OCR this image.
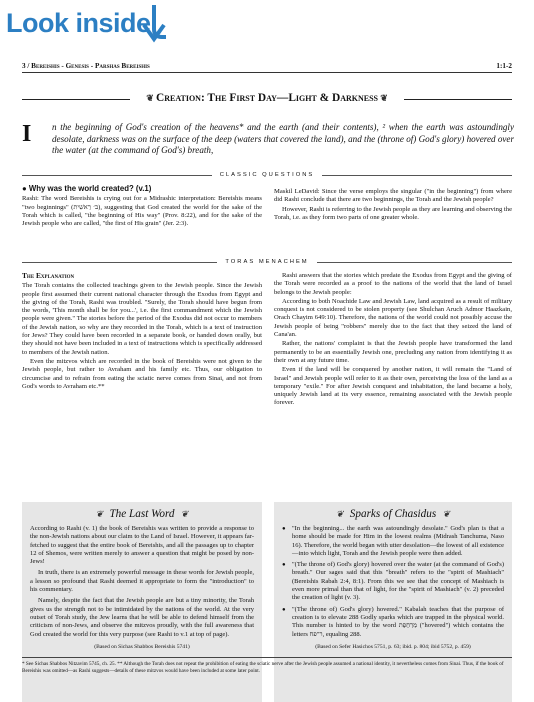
Look inside
3 / Bereishis - Genesis - Parshas Bereishis	1:1-2
❦ Creation: The First Day—Light & Darkness ❦
I n the beginning of God's creation of the heavens* and the earth (and their contents), ² when the earth was astoundingly desolate, darkness was on the surface of the deep (waters that covered the land), and the (throne of) God's glory) hovered over the water (at the command of God's) breath,
CLASSIC QUESTIONS
● Why was the world created? (v.1)

Rashi: The word Bereishis is crying out for a Midrashic interpretation: Bereishis means "two beginnings" (ב׳ רֵאשִׁית), suggesting that God created the world for the sake of the Torah which is called, "the beginning of His way" (Prov. 8:22), and for the sake of the Jewish people who are called, "the first of His grain" (Jer. 2:3).

Maskil LeDavid: Since the verse employs the singular ("in the beginning") from where did Rashi conclude that there are two beginnings, the Torah and the Jewish people?

However, Rashi is referring to the Jewish people as they are learning and observing the Torah, i.e. as they form two parts of one greater whole.

TORAS MENACHEM
The Explanation

The Torah contains the collected teachings given to the Jewish people. Since the Jewish people first assumed their current national character through the Exodus from Egypt and the giving of the Torah, Rashi was troubled. "Surely, the Torah should have begun from the words, 'This month shall be for you...', i.e. the first commandment which the Jewish people were given." The stories before the period of the Exodus did not occur to members of the Jewish nation, so why are they recorded in the Torah, which is a text of instruction for Jews? They could have been recorded in a separate book, or handed down orally, but they should not have been included in a text of instructions which is specifically addressed to members of the Jewish nation.

Even the mitzvos which are recorded in the book of Bereishis were not given to the Jewish people, but rather to Avraham and his family etc. Thus, our obligation to circumcise and to refrain from eating the sciatic nerve comes from Sinai, and not from God's words to Avraham etc.**

Rashi answers that the stories which predate the Exodus from Egypt and the giving of the Torah were recorded as a proof to the nations of the world that the land of Israel belongs to the Jewish people:

According to both Noachide Law and Jewish Law, land acquired as a result of military conquest is not considered to be stolen property (see Shulchan Aruch Admor Haazkain, Orach Chayim 649:10). Therefore, the nations of the world could not possibly accuse the Jewish people of being "robbers" merely due to the fact that they seized the land of Cana'an.

Rather, the nations' complaint is that the Jewish people have transformed the land permanently to be an essentially Jewish one, precluding any nation from identifying it as their own at any future time.

Even if the land will be conquered by another nation, it will remain the "Land of Israel" and Jewish people will refer to it as their own, perceiving the loss of the land as a temporary "exile." For after Jewish conquest and inhabitation, the land became a holy, uniquely Jewish land at its very essence, remaining associated with the Jewish people forever.

❦ The Last Word ❦

According to Rashi (v. 1) the book of Bereishis was written to provide a response to the non-Jewish nations about our claim to the Land of Israel. However, it appears far-fetched to suggest that the entire book of Bereishis, and all the passages up to chapter 12 of Shemos, were written merely to answer a question that might be posed by non-Jews!

In truth, there is an extremely powerful message in these words for Jewish people, a lesson so profound that Rashi deemed it appropriate to form the "introduction" to his commentary.

Namely, despite the fact that the Jewish people are but a tiny minority, the Torah gives us the strength not to be intimidated by the nations of the world. At the very outset of Torah study, the Jew learns that he will be able to defend himself from the criticism of non-Jews, and observe the mitzvos proudly, with the full awareness that God created the world for this very purpose (see Rashi to v.1 at top of page).

(Based on Sichas Shabbos Bereishis 5741)
❦ Sparks of Chasidus ❦
● "In the beginning... the earth was astoundingly desolate." God's plan is that a home should be made for Him in the lowest realms (Midrash Tanchuma, Naso 16). Therefore, the world began with utter desolation—the lowest of all existence—into which light, Torah and the Jewish people were then added.
● "(The throne of) God's glory) hovered over the water (at the command of God's) breath." Our sages said that this "breath" refers to the "spirit of Mashiach" (Bereishis Rabah 2:4, 8:1). From this we see that the concept of Mashiach is even more primal than that of light, for the "spirit of Mashiach" (v. 2) preceded the creation of light (v. 3).
● "(The throne of) God's glory) hovered." Kabalah teaches that the purpose of creation is to elevate 288 Godly sparks which are trapped in the physical world. This number is hinted to by the word מְרַחֶפֶת ("hovered") which contains the letters ר"פח, equaling 288.
(Based on Sefer Hasichos 5751, p. 63; ibid. p. 804; ibid 5752, p. 459)
* See Sichas Shabbos Nitzavim 5745, ch. 25. ** Although the Torah does not repeat the prohibition of eating the sciatic nerve after the Jewish people assumed a national identity, it nevertheless comes from Sinai. Thus, if the book of Bereishis was omitted—as Rashi suggests—details of these mitzvos would have been included at some later point.
